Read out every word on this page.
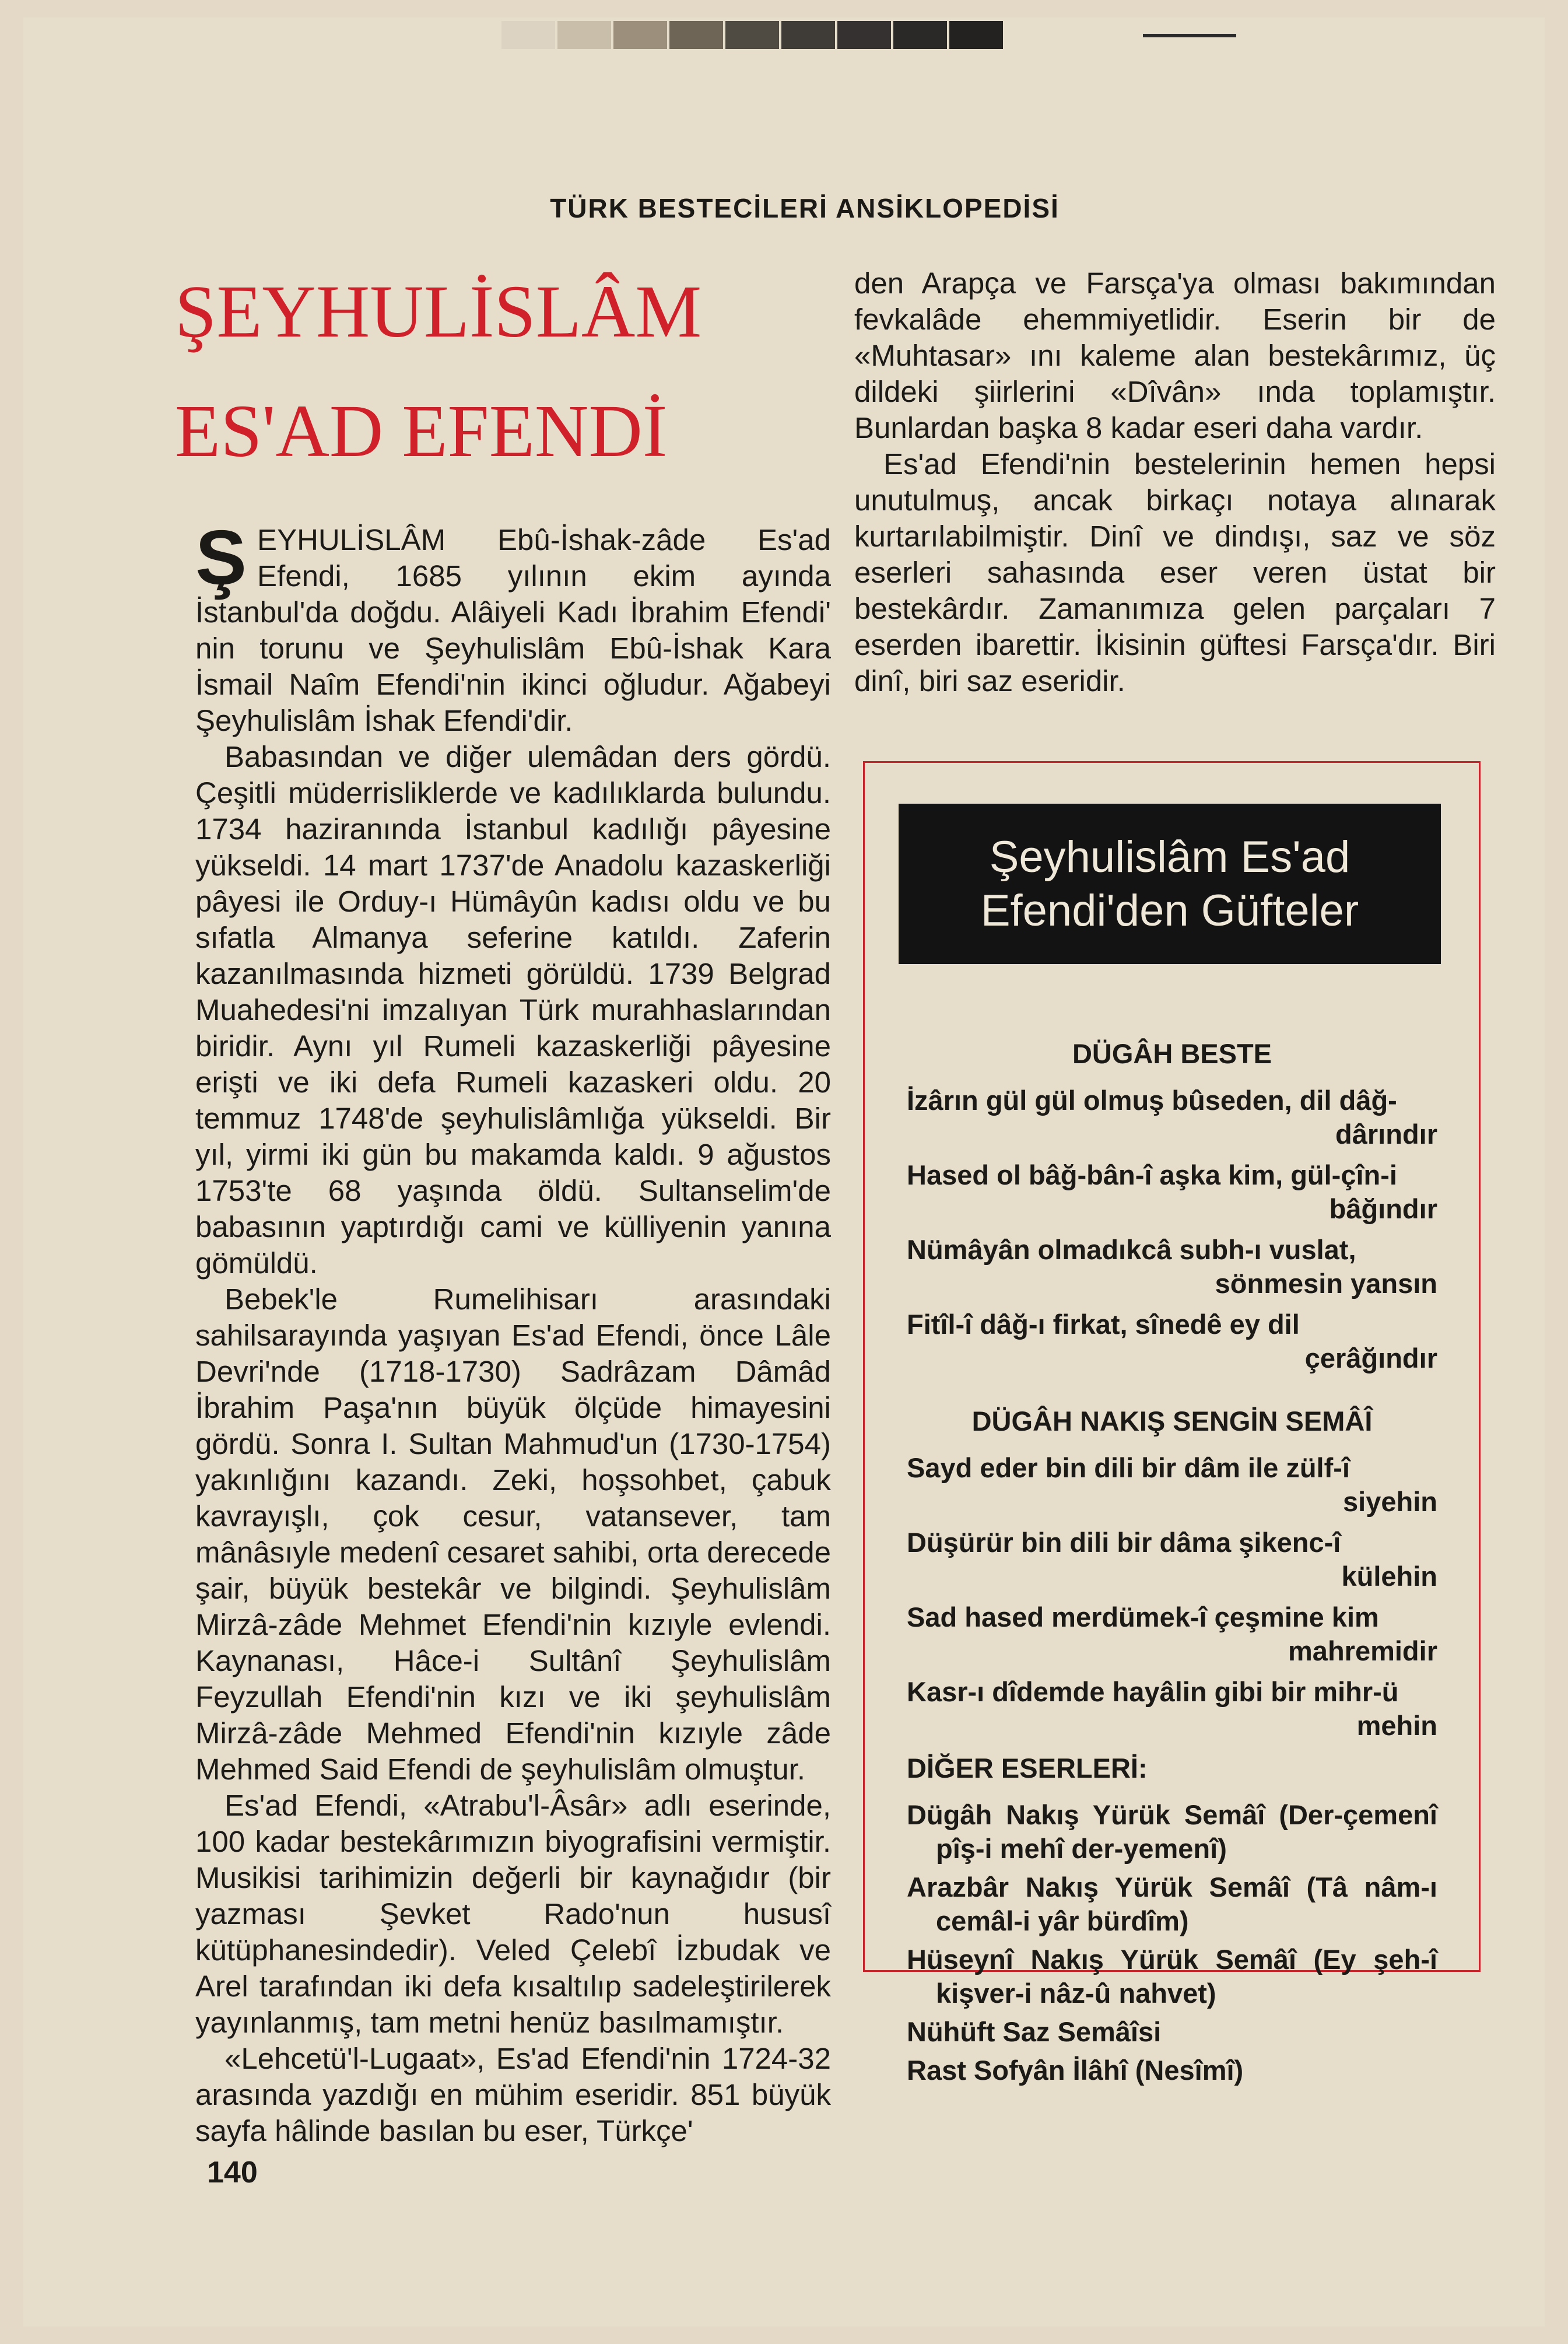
TÜRK BESTECİLERİ ANSİKLOPEDİSİ
ŞEYHULİSLÂM
ES'AD EFENDİ

ŞEYHULİSLÂM Ebû-İshak-zâde Es'ad Efendi, 1685 yılının ekim ayında İstanbul'da doğdu. Alâiyeli Kadı İbrahim Efendi' nin torunu ve Şeyhulislâm Ebû-İshak Kara İsmail Naîm Efendi'nin ikinci oğludur. Ağabeyi Şeyhulislâm İshak Efendi'dir.

Babasından ve diğer ulemâdan ders gördü. Çeşitli müderrisliklerde ve kadılıklarda bulundu. 1734 haziranında İstanbul kadılığı pâyesine yükseldi. 14 mart 1737'de Anadolu kazaskerliği pâyesi ile Orduy-ı Hümâyûn kadısı oldu ve bu sıfatla Almanya seferine katıldı. Zaferin kazanılmasında hizmeti görüldü. 1739 Belgrad Muahedesi'ni imzalıyan Türk murahhaslarından biridir. Aynı yıl Rumeli kazaskerliği pâyesine erişti ve iki defa Rumeli kazaskeri oldu. 20 temmuz 1748'de şeyhulislâmlığa yükseldi. Bir yıl, yirmi iki gün bu makamda kaldı. 9 ağustos 1753'te 68 yaşında öldü. Sultanselim'de babasının yaptırdığı cami ve külliyenin yanına gömüldü.

Bebek'le Rumelihisarı arasındaki sahilsarayında yaşıyan Es'ad Efendi, önce Lâle Devri'nde (1718-1730) Sadrâzam Dâmâd İbrahim Paşa'nın büyük ölçüde himayesini gördü. Sonra I. Sultan Mahmud'un (1730-1754) yakınlığını kazandı. Zeki, hoşsohbet, çabuk kavrayışlı, çok cesur, vatansever, tam mânâsıyle medenî cesaret sahibi, orta derecede şair, büyük bestekâr ve bilgindi. Şeyhulislâm Mirzâ-zâde Mehmet Efendi'nin kızıyle evlendi. Kaynanası, Hâce-i Sultânî Şeyhulislâm Feyzullah Efendi'nin kızı ve iki şeyhulislâm Mirzâ-zâde Mehmed Efendi'nin kızıyle zâde Mehmed Said Efendi de şeyhulislâm olmuştur.

Es'ad Efendi, «Atrabu'l-Âsâr» adlı eserinde, 100 kadar bestekârımızın biyografisini vermiştir. Musikisi tarihimizin değerli bir kaynağıdır (bir yazması Şevket Rado'nun hususî kütüphanesindedir). Veled Çelebî İzbudak ve Arel tarafından iki defa kısaltılıp sadeleştirilerek yayınlanmış, tam metni henüz basılmamıştır.

«Lehcetü'l-Lugaat», Es'ad Efendi'nin 1724-32 arasında yazdığı en mühim eseridir. 851 büyük sayfa hâlinde basılan bu eser, Türkçe'

den Arapça ve Farsça'ya olması bakımından fevkalâde ehemmiyetlidir. Eserin bir de «Muhtasar» ını kaleme alan bestekârımız, üç dildeki şiirlerini «Dîvân» ında toplamıştır. Bunlardan başka 8 kadar eseri daha vardır.

Es'ad Efendi'nin bestelerinin hemen hepsi unutulmuş, ancak birkaçı notaya alınarak kurtarılabilmiştir. Dinî ve dindışı, saz ve söz eserleri sahasında eser veren üstat bir bestekârdır. Zamanımıza gelen parçaları 7 eserden ibarettir. İkisinin güftesi Farsça'dır. Biri dinî, biri saz eseridir.

Şeyhulislâm Es'ad
Efendi'den Güfteler
DÜGÂH BESTE
İzârın gül gül olmuş bûseden, dil dâğ-
dârındır
Hased ol bâğ-bân-î aşka kim, gül-çîn-i
bâğındır
Nümâyân olmadıkcâ subh-ı vuslat,
sönmesin yansın
Fitîl-î dâğ-ı firkat, sînedê ey dil
çerâğındır
DÜGÂH NAKIŞ SENGİN SEMÂÎ
Sayd eder bin dili bir dâm ile zülf-î
siyehin
Düşürür bin dili bir dâma şikenc-î
külehin
Sad hased merdümek-î çeşmine kim
mahremidir
Kasr-ı dîdemde hayâlin gibi bir mihr-ü
mehin
DİĞER ESERLERİ:
Dügâh Nakış Yürük Semâî (Der-çemenî pîş-i mehî der-yemenî)
Arazbâr Nakış Yürük Semâî (Tâ nâm-ı cemâl-i yâr bürdîm)
Hüseynî Nakış Yürük Semâî (Ey şeh-î kişver-i nâz-û nahvet)
Nühüft Saz Semâîsi
Rast Sofyân İlâhî (Nesîmî)
140
